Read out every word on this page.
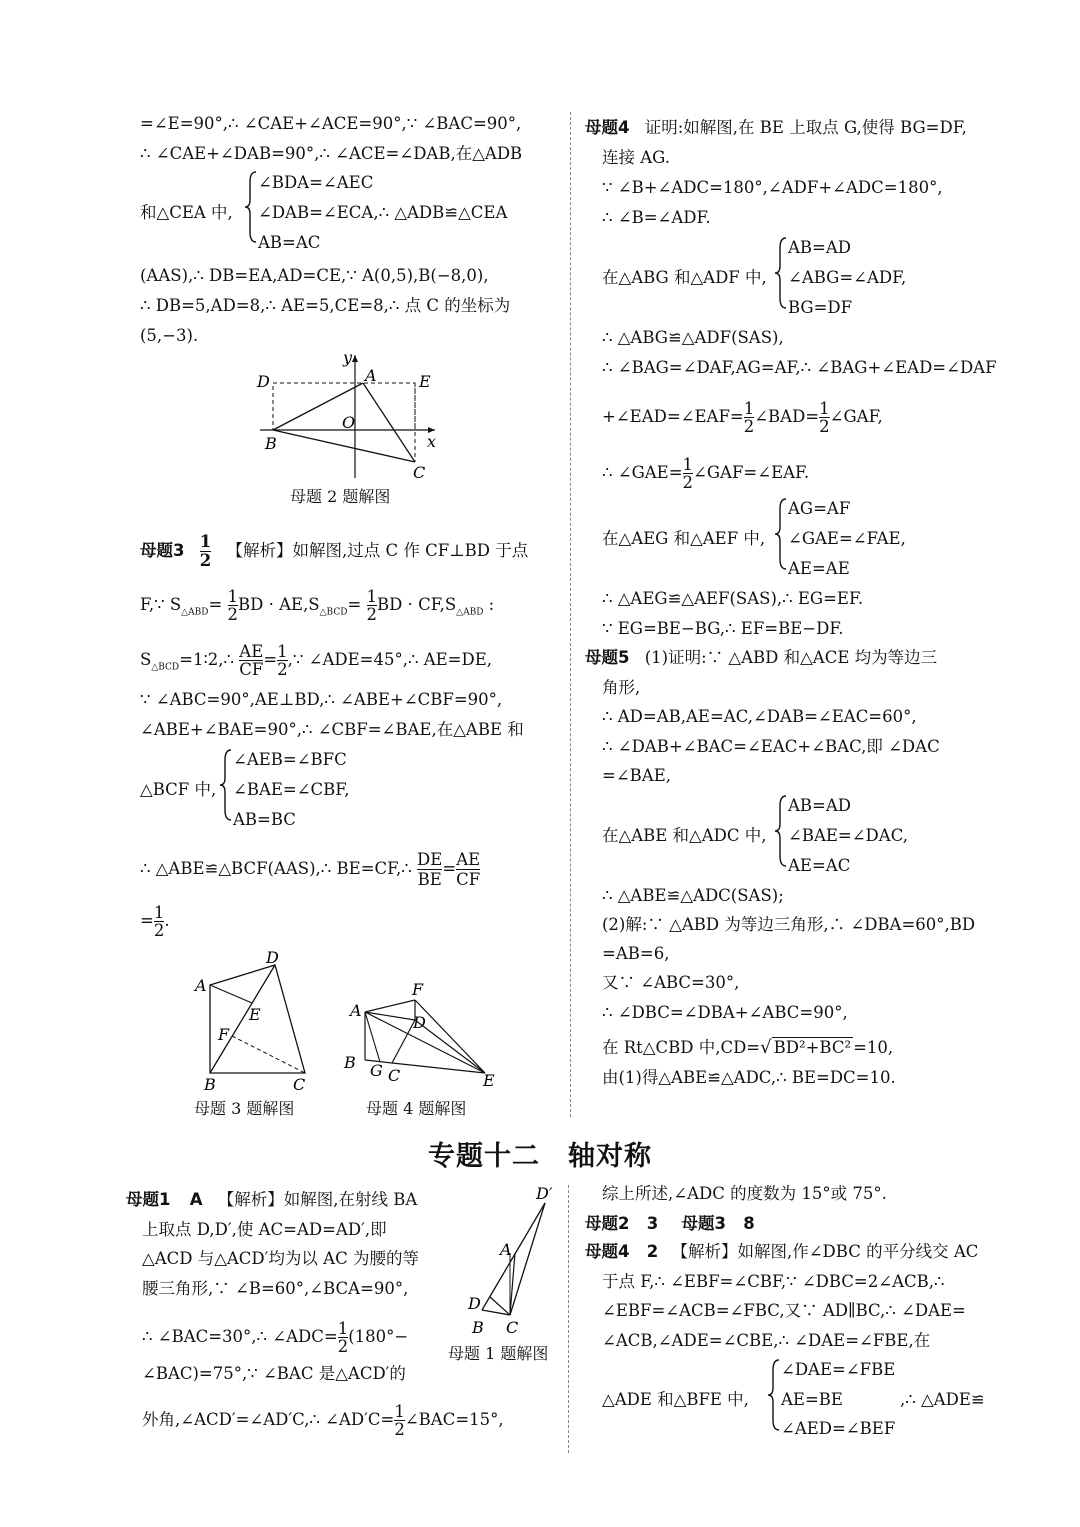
=∠E=90°,∴ ∠CAE+∠ACE=90°,∵ ∠BAC=90°,
∴ ∠CAE+∠DAB=90°,∴ ∠ACE=∠DAB,在△ADB
∠BDA=∠AEC
和△CEA 中, ∠DAB=∠ECA,∴ △ADB≌△CEA
AB=AC
(AAS),∴ DB=EA,AD=CE,∵ A(0,5),B(−8,0),
∴ DB=5,AD=8,∴ AE=5,CE=8,∴ 点 C 的坐标为
(5,−3).
D	A	E
y
O
x
B
C
母题 2 题解图
母题$3 \frac{1}{2}$ 【解析】如解图,过点 C 作 CF⊥BD 于点
F,∵ $S_{\triangle ABD}= \frac{1}{2}$ BD · $AE,S_{\triangle BCD}= \frac{1}{2}$ BD · $CF,S_{\triangle ABD}$ :
$S_{\triangle BCD}=1∶2,\therefore \frac{AE}{CF} = \frac{1}{2}$ ,∵ ∠ADE=45°,∴ AE=DE,
∵ ∠ABC=90°,AE⊥BD,∴ ∠ABE+∠CBF=90°,
∠ABE+∠BAE=90°,∴ ∠CBF=∠BAE,在△ABE 和
∠AEB=∠BFC
△BCF 中, ∠BAE=∠CBF,
AB=BC
∴ △ABE≌△BCF(AAS),∴ BE=CF,∴ $\frac{DE}{BE} = \frac{AE}{CF}$
= $\frac{1}{2}$ .
D
A
E
F
B	C
母题 3 题解图
F
A
D
B G C	E
母题 4 题解图
母题4 证明:如解图,在 BE 上取点 G,使得 BG=DF,
连接 AG.
∵ ∠B+∠ADC=180°,∠ADF+∠ADC=180°,
∴ ∠B=∠ADF.
AB=AD
在△ABG 和△ADF 中, ∠ABG=∠ADF,
BG=DF
∴ △ABG≌△ADF(SAS),
∴ ∠BAG=∠DAF,AG=AF,∴ ∠BAG+∠EAD=∠DAF
+∠EAD=∠EAF= $\frac{1}{2}$ ∠BAD= $\frac{1}{2}$ ∠GAF,
∴ ∠GAE= $\frac{1}{2}$ ∠GAF=∠EAF.
AG=AF
在△AEG 和△AEF 中, ∠GAE=∠FAE,
AE=AE
∴ △AEG≌△AEF(SAS),∴ EG=EF.
∵ EG=BE−BG,∴ EF=BE−DF.
母题5 (1)证明:∵ △ABD 和△ACE 均为等边三
角形,
∴ AD=AB,AE=AC,∠DAB=∠EAC=60°,
∴ ∠DAB+∠BAC=∠EAC+∠BAC,即 ∠DAC
=∠BAE,
AB=AD
在△ABE 和△ADC 中, ∠BAE=∠DAC,
AE=AC
∴ △ABE≌△ADC(SAS);
(2)解:∵ △ABD 为等边三角形,∴ ∠DBA=60°,BD
=AB=6,
又∵ ∠ABC=30°,
∴ ∠DBC=∠DBA+∠ABC=90°,
在 Rt△CBD 中,CD=√ BD²+BC² =10,
由(1)得△ABE≌△ADC,∴ BE=DC=10.
专题十二　轴对称
母题1 A 【解析】如解图,在射线 BA
上取点 D,D′,使 AC=AD=AD′,即
△ACD 与△ACD′均为以 AC 为腰的等
腰三角形,∵ ∠B=60°,∠BCA=90°,
∴ ∠BAC=30°,∴ ∠ADC= $\frac{1}{2} (180^\circ-$
∠BAC)=75°,∵ ∠BAC 是△ACD′的
外角,∠ACD′=∠AD′C,∴ ∠AD′C= $\frac{1}{2}$ ∠BAC=15°,
D′
A
D
B C
母题 1 题解图
综上所述,∠ADC 的度数为 15°或 75°.
母题2 3 母题3 8
母题4 2 【解析】如解图,作∠DBC 的平分线交 AC
于点 F,∴ ∠EBF=∠CBF,∵ ∠DBC=2∠ACB,∴
∠EBF=∠ACB=∠FBC,又∵ AD∥BC,∴ ∠DAE=
∠ACB,∠ADE=∠CBE,∴ ∠DAE=∠FBE,在
∠DAE=∠FBE
△ADE 和△BFE 中, AE=BE	,∴ △ADE≌
∠AED=∠BEF
